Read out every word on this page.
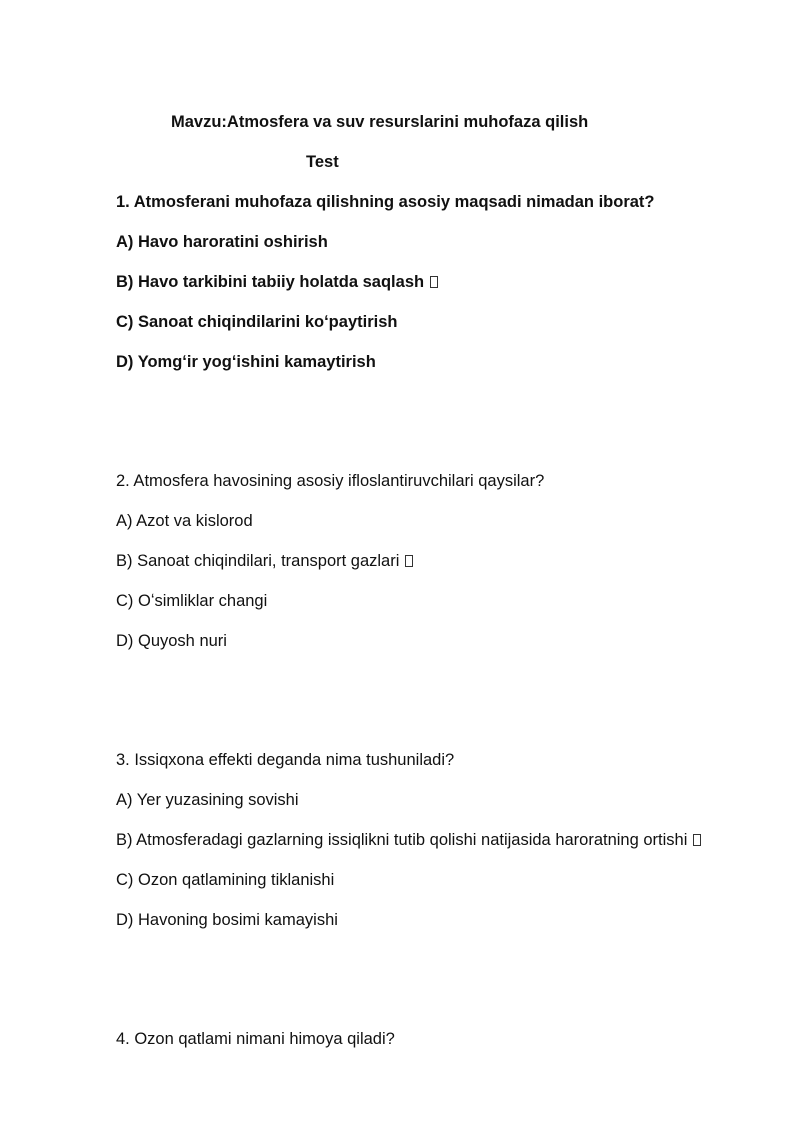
Mavzu:Atmosfera va suv resurslarini muhofaza qilish
Test
1. Atmosferani muhofaza qilishning asosiy maqsadi nimadan iborat?
A) Havo haroratini oshirish
B) Havo tarkibini tabiiy holatda saqlash
C) Sanoat chiqindilarini koʻpaytirish
D) Yomgʻir yogʻishini kamaytirish
2. Atmosfera havosining asosiy ifloslantiruvchilari qaysilar?
A) Azot va kislorod
B) Sanoat chiqindilari, transport gazlari
C) Oʻsimliklar changi
D) Quyosh nuri
3. Issiqxona effekti deganda nima tushuniladi?
A) Yer yuzasining sovishi
B) Atmosferadagi gazlarning issiqlikni tutib qolishi natijasida haroratning ortishi
C) Ozon qatlamining tiklanishi
D) Havoning bosimi kamayishi
4. Ozon qatlami nimani himoya qiladi?
